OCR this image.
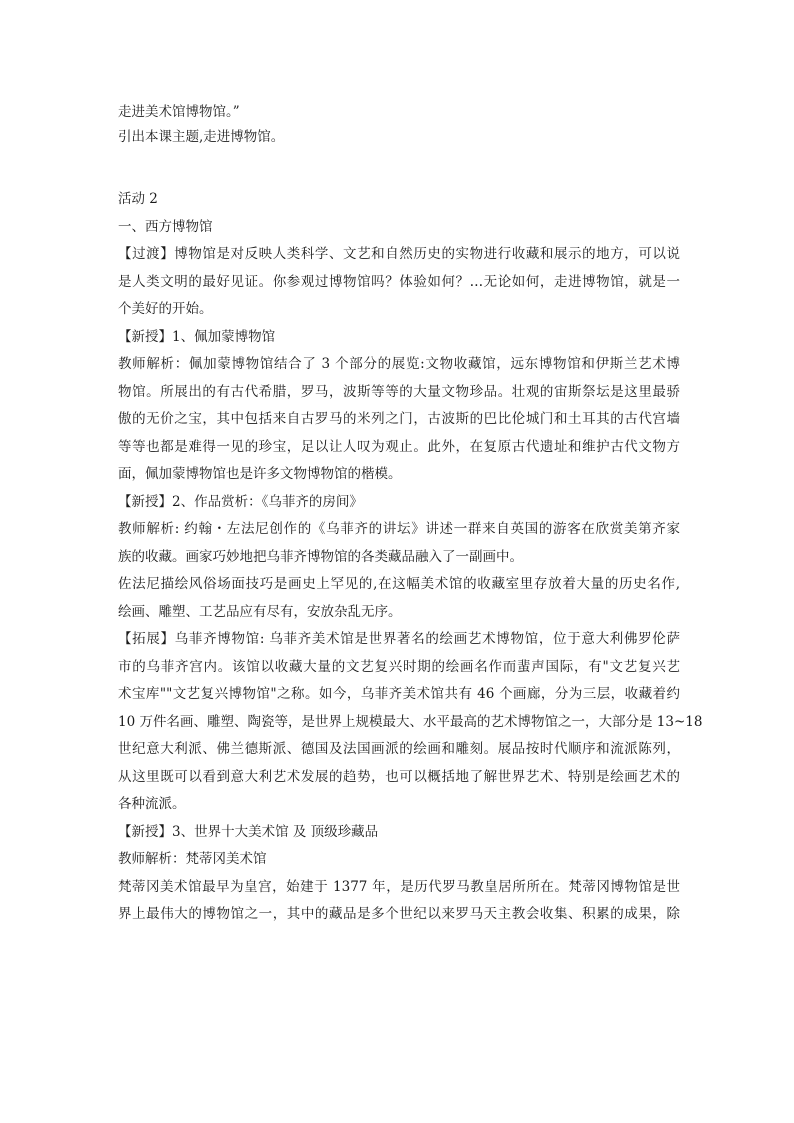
走进美术馆博物馆。”
引出本课主题,走进博物馆。
活动 2
一、西方博物馆
【过渡】博物馆是对反映人类科学、文艺和自然历史的实物进行收藏和展示的地方，可以说
是人类文明的最好见证。你参观过博物馆吗？体验如何？…无论如何，走进博物馆，就是一
个美好的开始。
【新授】1、佩加蒙博物馆
教师解析：佩加蒙博物馆结合了 3 个部分的展览:文物收藏馆，远东博物馆和伊斯兰艺术博
物馆。所展出的有古代希腊，罗马，波斯等等的大量文物珍品。壮观的宙斯祭坛是这里最骄
傲的无价之宝，其中包括来自古罗马的米列之门，古波斯的巴比伦城门和土耳其的古代宫墙
等等也都是难得一见的珍宝，足以让人叹为观止。此外，在复原古代遗址和维护古代文物方
面，佩加蒙博物馆也是许多文物博物馆的楷模。
【新授】2、作品赏析：《乌菲齐的房间》
教师解析: 约翰・左法尼创作的《乌菲齐的讲坛》讲述一群来自英国的游客在欣赏美第齐家
族的收藏。画家巧妙地把乌菲齐博物馆的各类藏品融入了一副画中。
佐法尼描绘风俗场面技巧是画史上罕见的,在这幅美术馆的收藏室里存放着大量的历史名作,
绘画、雕塑、工艺品应有尽有，安放杂乱无序。
【拓展】乌菲齐博物馆: 乌菲齐美术馆是世界著名的绘画艺术博物馆，位于意大利佛罗伦萨
市的乌菲齐宫内。该馆以收藏大量的文艺复兴时期的绘画名作而蜚声国际，有"文艺复兴艺
术宝库""文艺复兴博物馆"之称。如今，乌菲齐美术馆共有 46 个画廊，分为三层，收藏着约
10 万件名画、雕塑、陶瓷等，是世界上规模最大、水平最高的艺术博物馆之一，大部分是 13~18
世纪意大利派、佛兰德斯派、德国及法国画派的绘画和雕刻。展品按时代顺序和流派陈列，
从这里既可以看到意大利艺术发展的趋势，也可以概括地了解世界艺术、特别是绘画艺术的
各种流派。
【新授】3、世界十大美术馆 及 顶级珍藏品
教师解析：梵蒂冈美术馆
梵蒂冈美术馆最早为皇宫，始建于 1377 年，是历代罗马教皇居所所在。梵蒂冈博物馆是世
界上最伟大的博物馆之一，其中的藏品是多个世纪以来罗马天主教会收集、积累的成果，除
